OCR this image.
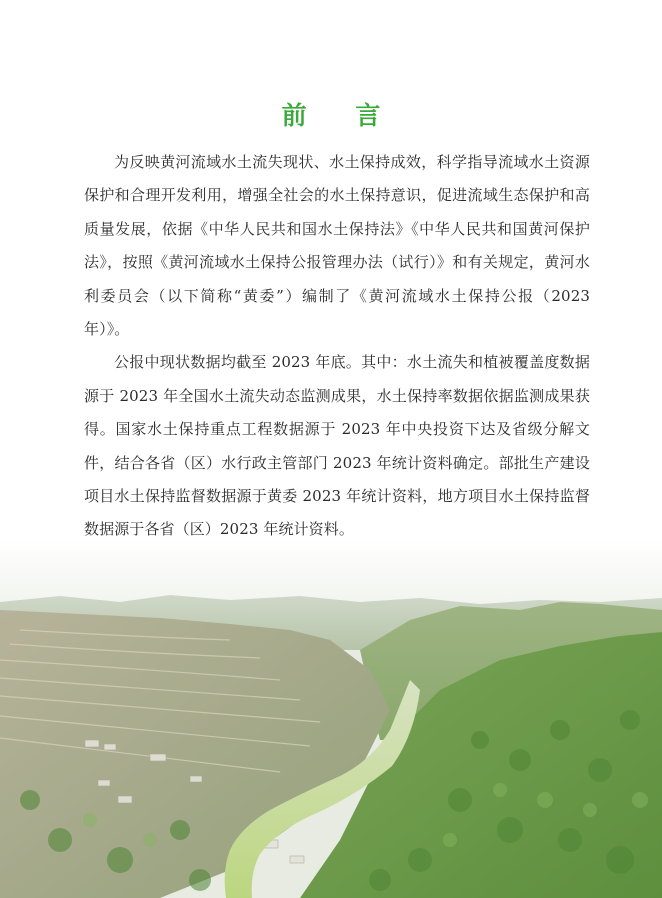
前 言

为反映黄河流域水土流失现状、水土保持成效，科学指导流域水土资源保护和合理开发利用，增强全社会的水土保持意识，促进流域生态保护和高质量发展，依据《中华人民共和国水土保持法》《中华人民共和国黄河保护法》，按照《黄河流域水土保持公报管理办法（试行）》和有关规定，黄河水利委员会（以下简称“黄委”）编制了《黄河流域水土保持公报（2023 年）》。

公报中现状数据均截至 2023 年底。其中：水土流失和植被覆盖度数据源于 2023 年全国水土流失动态监测成果，水土保持率数据依据监测成果获得。国家水土保持重点工程数据源于 2023 年中央投资下达及省级分解文件，结合各省（区）水行政主管部门 2023 年统计资料确定。部批生产建设项目水土保持监督数据源于黄委 2023 年统计资料，地方项目水土保持监督数据源于各省（区）2023 年统计资料。
